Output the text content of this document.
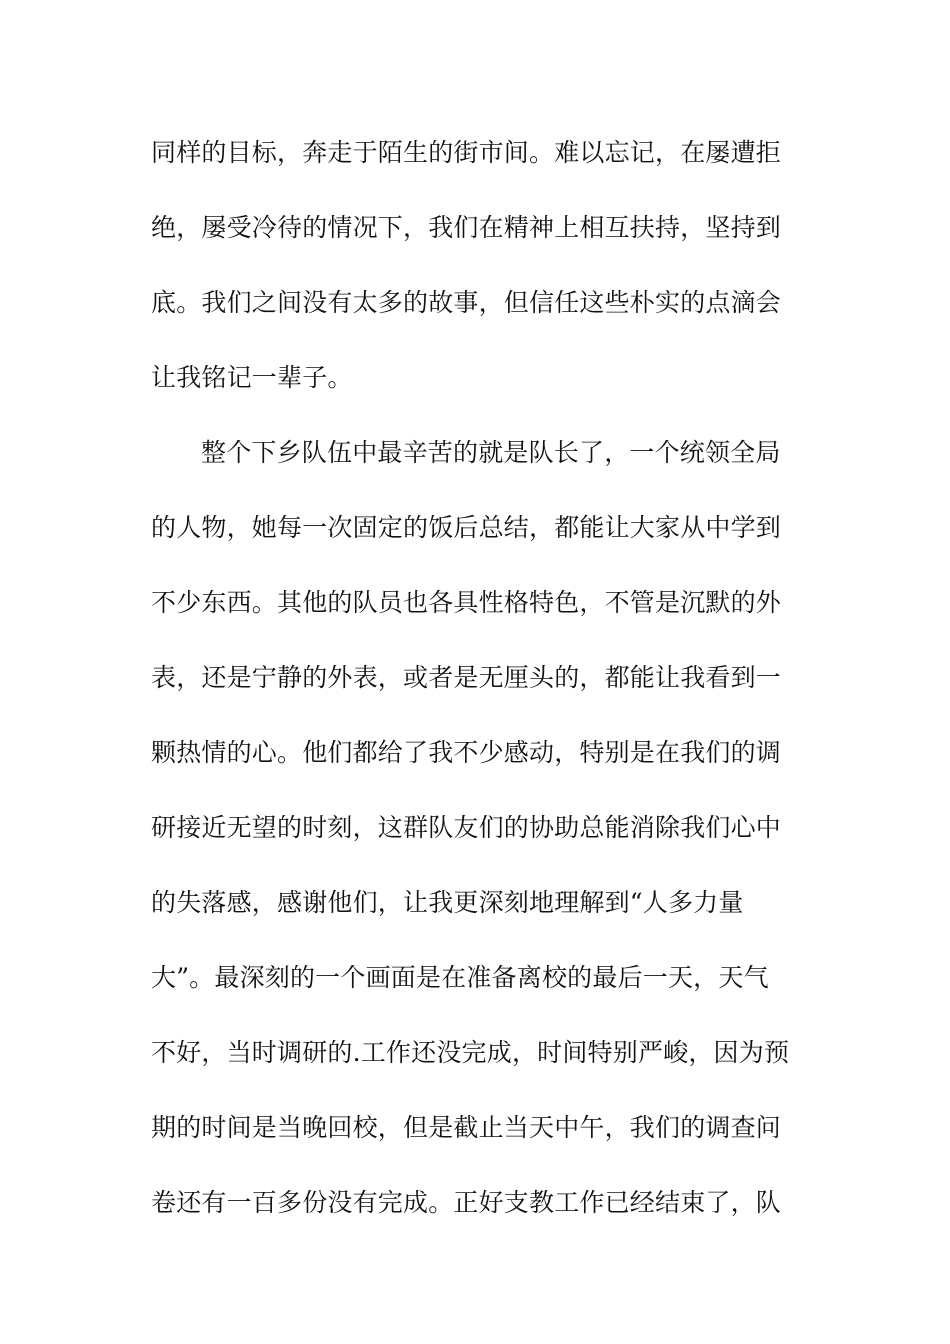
同样的目标，奔走于陌生的街市间。难以忘记，在屡遭拒
绝，屡受冷待的情况下，我们在精神上相互扶持，坚持到
底。我们之间没有太多的故事，但信任这些朴实的点滴会
让我铭记一辈子。
整个下乡队伍中最辛苦的就是队长了，一个统领全局
的人物，她每一次固定的饭后总结，都能让大家从中学到
不少东西。其他的队员也各具性格特色，不管是沉默的外
表，还是宁静的外表，或者是无厘头的，都能让我看到一
颗热情的心。他们都给了我不少感动，特别是在我们的调
研接近无望的时刻，这群队友们的协助总能消除我们心中
的失落感，感谢他们，让我更深刻地理解到“人多力量
大”。最深刻的一个画面是在准备离校的最后一天，天气
不好，当时调研的.工作还没完成，时间特别严峻，因为预
期的时间是当晚回校，但是截止当天中午，我们的调查问
卷还有一百多份没有完成。正好支教工作已经结束了，队
